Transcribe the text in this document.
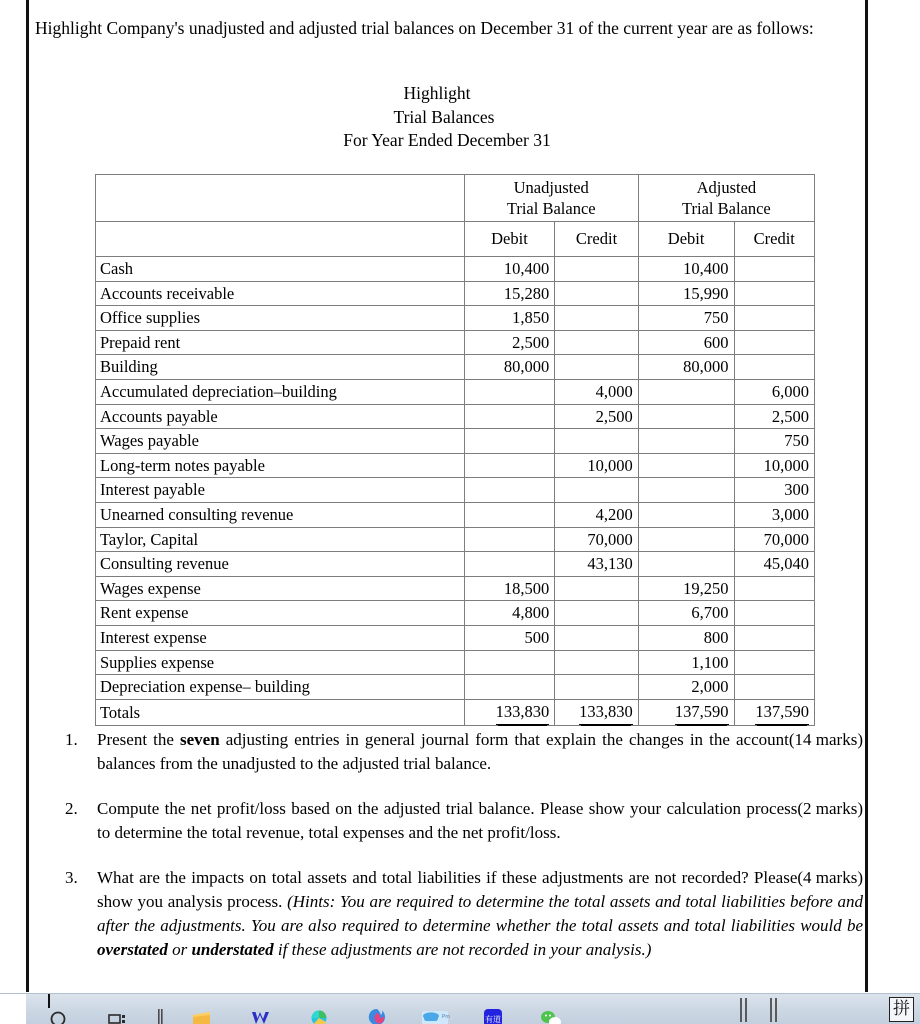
Highlight Company's unadjusted and adjusted trial balances on December 31 of the current year are as follows:
Highlight
Trial Balances
For Year Ended December 31
	Unadjusted
Trial Balance		Adjusted
Trial Balance	
	Debit	Credit	Debit	Credit
Cash	10,400		10,400	
Accounts receivable	15,280		15,990	
Office supplies	1,850		750	
Prepaid rent	2,500		600	
Building	80,000		80,000	
Accumulated depreciation–building		4,000		6,000
Accounts payable		2,500		2,500
Wages payable				750
Long-term notes payable		10,000		10,000
Interest payable				300
Unearned consulting revenue		4,200		3,000
Taylor, Capital		70,000		70,000
Consulting revenue		43,130		45,040
Wages expense	18,500		19,250	
Rent expense	4,800		6,700	
Interest expense	500		800	
Supplies expense			1,100	
Depreciation expense– building			2,000	
Totals	133,830	133,830	137,590	137,590
1.	(14 marks)
Present the seven adjusting entries in general journal form that explain the changes in the account balances from the unadjusted to the adjusted trial balance.
2.	(2 marks)
Compute the net profit/loss based on the adjusted trial balance. Please show your calculation process to determine the total revenue, total expenses and the net profit/loss.
3.	(4 marks)
What are the impacts on total assets and total liabilities if these adjustments are not recorded? Please show you analysis process. (Hints: You are required to determine the total assets and total liabilities before and after the adjustments. You are also required to determine whether the total assets and total liabilities would be overstated or understated if these adjustments are not recorded in your analysis.)
Pro	有道
拼
